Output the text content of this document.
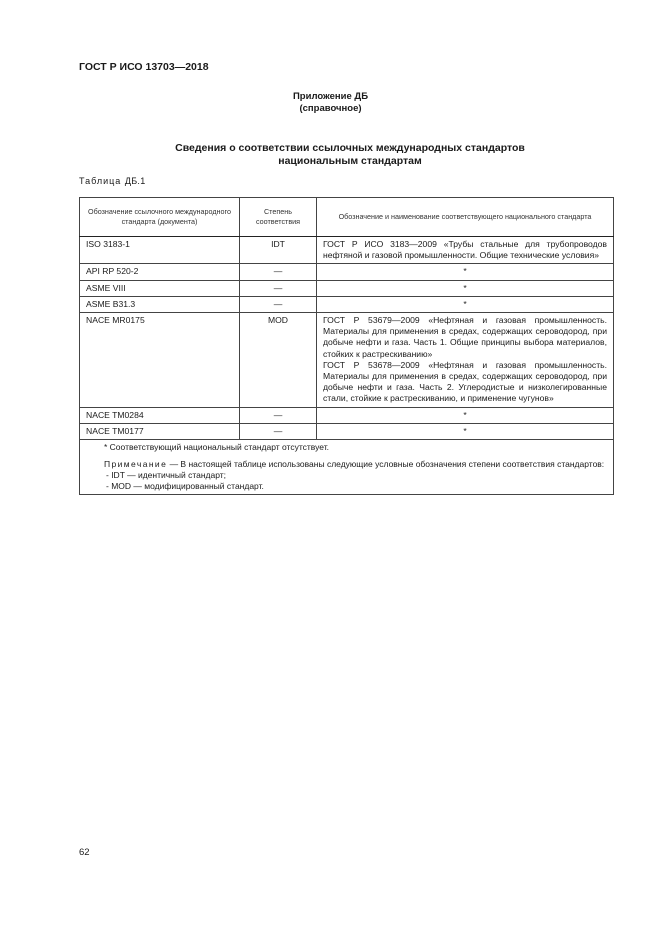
ГОСТ Р ИСО 13703—2018
Приложение ДБ
(справочное)
Сведения о соответствии ссылочных международных стандартов
национальным стандартам
Таблица ДБ.1
Обозначение ссылочного международного стандарта (документа)	Степень соответствия	Обозначение и наименование соответствующего национального стандарта
ISO 3183-1	IDT	ГОСТ Р ИСО 3183—2009 «Трубы стальные для трубопроводов нефтяной и газовой промышленности. Общие технические условия»
API RP 520-2	—	*
ASME VIII	—	*
ASME B31.3	—	*
NACE MR0175	MOD	ГОСТ Р 53679—2009 «Нефтяная и газовая промышленность. Материалы для применения в средах, содержащих сероводород, при добыче нефти и газа. Часть 1. Общие принципы выбора материалов, стойких к растрескиванию»
ГОСТ Р 53678—2009 «Нефтяная и газовая промышленность. Материалы для применения в средах, содержащих сероводород, при добыче нефти и газа. Часть 2. Углеродистые и низколегированные стали, стойкие к растрескиванию, и применение чугунов»

NACE TM0284	—	*
NACE TM0177	—	*

* Соответствующий национальный стандарт отсутствует.
Примечание — В настоящей таблице использованы следующие условные обозначения степени соответствия стандартов:
- IDT — идентичный стандарт;
- MOD — модифицированный стандарт.		
62
